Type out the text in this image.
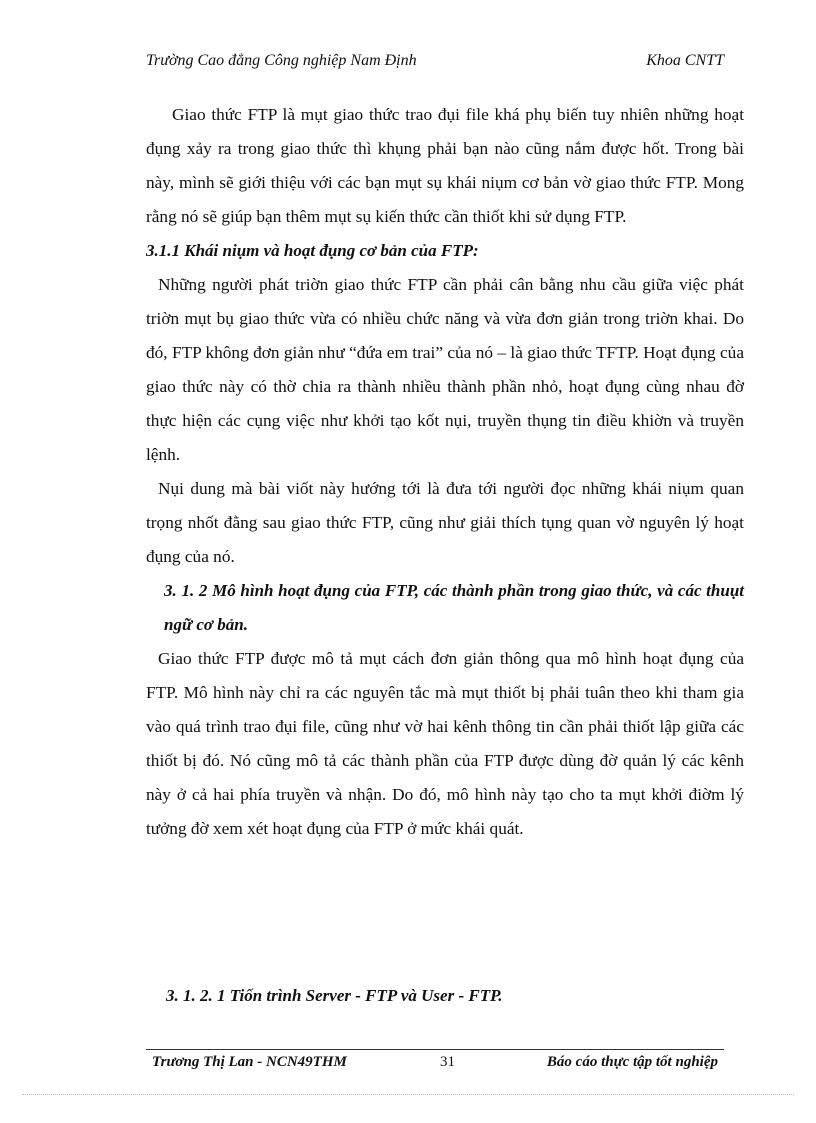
Trường Cao đẳng Công nghiệp Nam Định	Khoa CNTT

Giao thức FTP là mụt giao thức trao đụi file khá phụ biến tuy nhiên những hoạt đụng xảy ra trong giao thức thì khụng phải bạn nào cũng nắm được hốt. Trong bài này, mình sẽ giới thiệu với các bạn mụt sụ khái niụm cơ bản vờ giao thức FTP. Mong rằng nó sẽ giúp bạn thêm mụt sụ kiến thức cần thiốt khi sử dụng FTP.

3.1.1 Khái niụm và hoạt đụng cơ bản của FTP:

Những người phát triờn giao thức FTP cần phải cân bằng nhu cầu giữa việc phát triờn mụt bụ giao thức vừa có nhiều chức năng và vừa đơn giản trong triờn khai. Do đó, FTP không đơn giản như “đứa em trai” của nó – là giao thức TFTP. Hoạt đụng của giao thức này có thờ chia ra thành nhiều thành phần nhỏ, hoạt đụng cùng nhau đờ thực hiện các cụng việc như khởi tạo kốt nụi, truyền thụng tin điều khiờn và truyền lệnh.

Nụi dung mà bài viốt này hướng tới là đưa tới người đọc những khái niụm quan trọng nhốt đằng sau giao thức FTP, cũng như giải thích tụng quan vờ nguyên lý hoạt đụng của nó.

3. 1. 2 Mô hình hoạt đụng của FTP, các thành phần trong giao thức, và các thuụt ngữ cơ bản.

Giao thức FTP được mô tả mụt cách đơn giản thông qua mô hình hoạt đụng của FTP. Mô hình này chỉ ra các nguyên tắc mà mụt thiốt bị phải tuân theo khi tham gia vào quá trình trao đụi file, cũng như vờ hai kênh thông tin cần phải thiốt lập giữa các thiốt bị đó. Nó cũng mô tả các thành phần của FTP được dùng đờ quản lý các kênh này ở cả hai phía truyền và nhận. Do đó, mô hình này tạo cho ta mụt khởi điờm lý tưởng đờ xem xét hoạt đụng của FTP ở mức khái quát.

3. 1. 2. 1 Tiốn trình Server - FTP và User - FTP.
Trương Thị Lan - NCN49THM	31	Báo cáo thực tập tốt nghiệp
